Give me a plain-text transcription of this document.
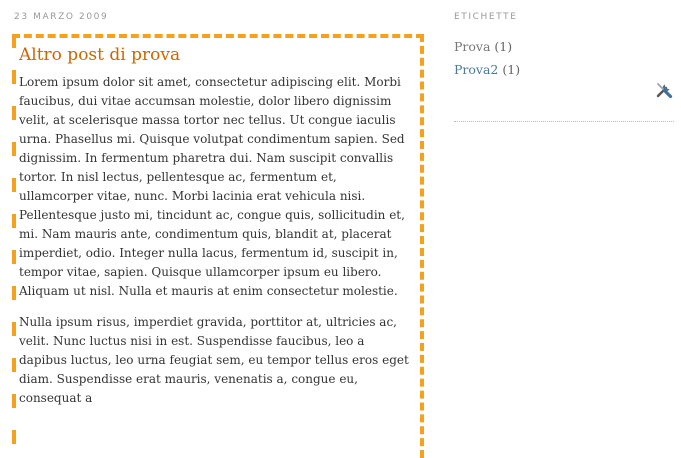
23 MARZO 2009
Altro post di prova

Lorem ipsum dolor sit amet, consectetur adipiscing elit. Morbi faucibus, dui vitae accumsan molestie, dolor libero dignissim velit, at scelerisque massa tortor nec tellus. Ut congue iaculis urna. Phasellus mi. Quisque volutpat condimentum sapien. Sed dignissim. In fermentum pharetra dui. Nam suscipit convallis tortor. In nisl lectus, pellentesque ac, fermentum et, ullamcorper vitae, nunc. Morbi lacinia erat vehicula nisi. Pellentesque justo mi, tincidunt ac, congue quis, sollicitudin et, mi. Nam mauris ante, condimentum quis, blandit at, placerat imperdiet, odio. Integer nulla lacus, fermentum id, suscipit in, tempor vitae, sapien. Quisque ullamcorper ipsum eu libero. Aliquam ut nisl. Nulla et mauris at enim consectetur molestie.

Nulla ipsum risus, imperdiet gravida, porttitor at, ultricies ac, velit. Nunc luctus nisi in est. Suspendisse faucibus, leo a dapibus luctus, leo urna feugiat sem, eu tempor tellus eros eget diam. Suspendisse erat mauris, venenatis a, congue eu, consequat a

ETICHETTE
Prova (1)
Prova2 (1)
